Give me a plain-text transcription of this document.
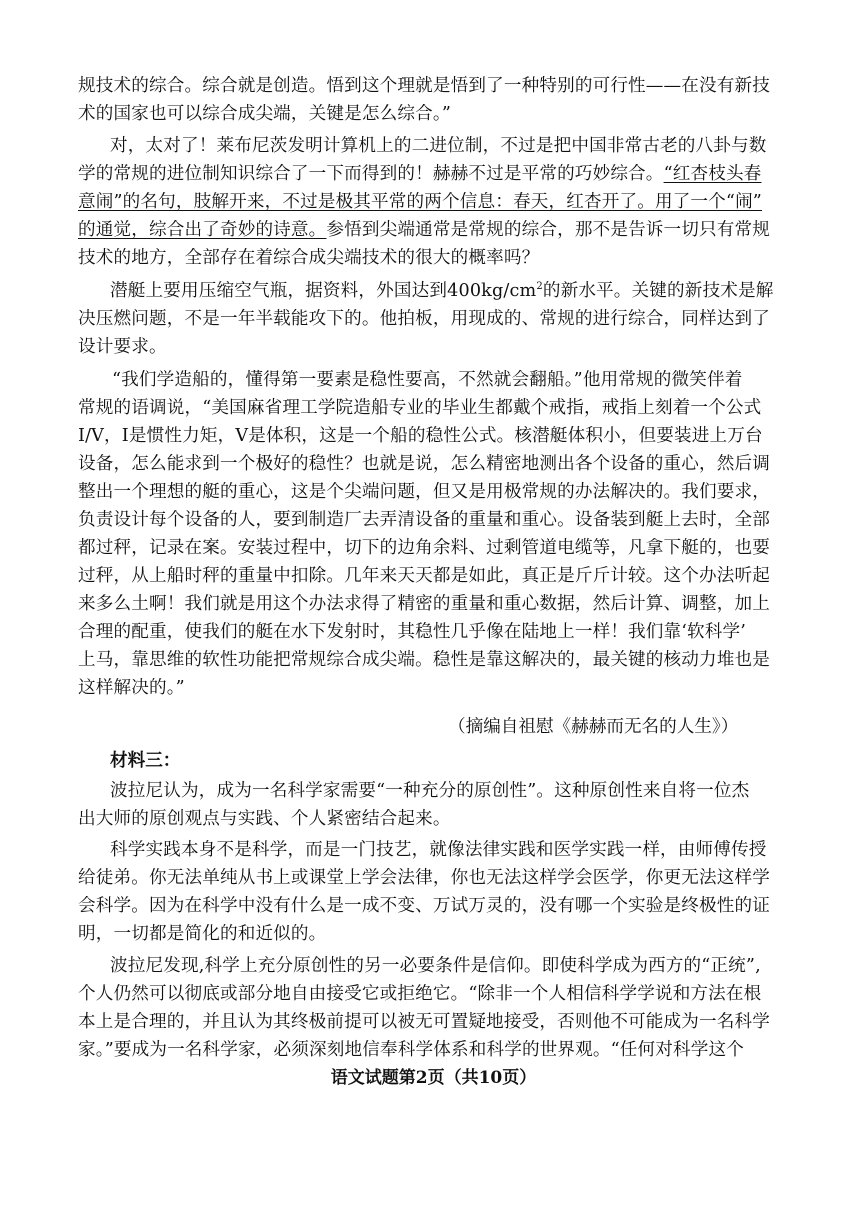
规技术的综合。综合就是创造。悟到这个理就是悟到了一种特别的可行性——在没有新技
术的国家也可以综合成尖端，关键是怎么综合。”
对，太对了！莱布尼茨发明计算机上的二进位制，不过是把中国非常古老的八卦与数
学的常规的进位制知识综合了一下而得到的！赫赫不过是平常的巧妙综合。“红杏枝头春
意闹”的名句，肢解开来，不过是极其平常的两个信息：春天，红杏开了。用了一个“闹”
的通觉，综合出了奇妙的诗意。参悟到尖端通常是常规的综合，那不是告诉一切只有常规
技术的地方，全部存在着综合成尖端技术的很大的概率吗？
潜艇上要用压缩空气瓶，据资料，外国达到$400kg/cm^2$的新水平。关键的新技术是解
决压燃问题，不是一年半载能攻下的。他拍板，用现成的、常规的进行综合，同样达到了
设计要求。
“我们学造船的，懂得第一要素是稳性要高，不然就会翻船。”他用常规的微笑伴着
常规的语调说，“美国麻省理工学院造船专业的毕业生都戴个戒指，戒指上刻着一个公式
I/V，I是惯性力矩，V是体积，这是一个船的稳性公式。核潜艇体积小，但要装进上万台
设备，怎么能求到一个极好的稳性？也就是说，怎么精密地测出各个设备的重心，然后调
整出一个理想的艇的重心，这是个尖端问题，但又是用极常规的办法解决的。我们要求，
负责设计每个设备的人，要到制造厂去弄清设备的重量和重心。设备装到艇上去时，全部
都过秤，记录在案。安装过程中，切下的边角余料、过剩管道电缆等，凡拿下艇的，也要
过秤，从上船时秤的重量中扣除。几年来天天都是如此，真正是斤斤计较。这个办法听起
来多么土啊！我们就是用这个办法求得了精密的重量和重心数据，然后计算、调整，加上
合理的配重，使我们的艇在水下发射时，其稳性几乎像在陆地上一样！我们靠‘软科学’
上马，靠思维的软性功能把常规综合成尖端。稳性是靠这解决的，最关键的核动力堆也是
这样解决的。”
（摘编自祖慰《赫赫而无名的人生》）
材料三：
波拉尼认为，成为一名科学家需要“一种充分的原创性”。这种原创性来自将一位杰
出大师的原创观点与实践、个人紧密结合起来。
科学实践本身不是科学，而是一门技艺，就像法律实践和医学实践一样，由师傅传授
给徒弟。你无法单纯从书上或课堂上学会法律，你也无法这样学会医学，你更无法这样学
会科学。因为在科学中没有什么是一成不变、万试万灵的，没有哪一个实验是终极性的证
明，一切都是简化的和近似的。
波拉尼发现,科学上充分原创性的另一必要条件是信仰。即使科学成为西方的“正统”,
个人仍然可以彻底或部分地自由接受它或拒绝它。“除非一个人相信科学学说和方法在根
本上是合理的，并且认为其终极前提可以被无可置疑地接受，否则他不可能成为一名科学
家。”要成为一名科学家，必须深刻地信奉科学体系和科学的世界观。“任何对科学这个
语文试题第2页（共10页）
